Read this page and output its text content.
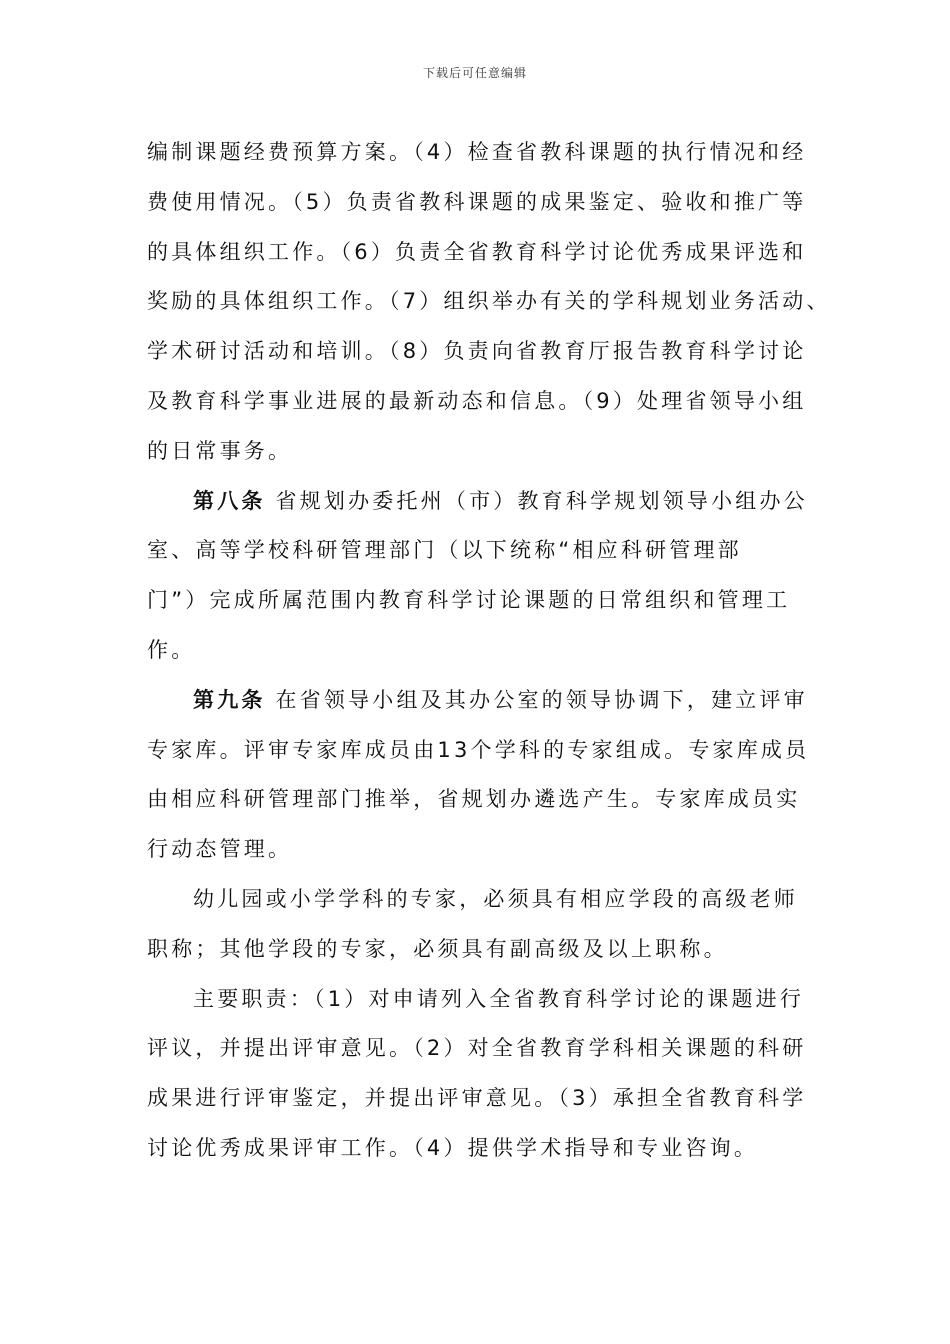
下载后可任意编辑
编制课题经费预算方案。（4）检查省教科课题的执行情况和经
费使用情况。（5）负责省教科课题的成果鉴定、验收和推广等
的具体组织工作。（6）负责全省教育科学讨论优秀成果评选和
奖励的具体组织工作。（7）组织举办有关的学科规划业务活动、
学术研讨活动和培训。（8）负责向省教育厅报告教育科学讨论
及教育科学事业进展的最新动态和信息。（9）处理省领导小组
的日常事务。
第八条 省规划办委托州（市）教育科学规划领导小组办公
室、高等学校科研管理部门（以下统称“相应科研管理部
门”）完成所属范围内教育科学讨论课题的日常组织和管理工
作。
第九条 在省领导小组及其办公室的领导协调下，建立评审
专家库。评审专家库成员由13个学科的专家组成。专家库成员
由相应科研管理部门推举，省规划办遴选产生。专家库成员实
行动态管理。
幼儿园或小学学科的专家，必须具有相应学段的高级老师
职称；其他学段的专家，必须具有副高级及以上职称。
主要职责：（1）对申请列入全省教育科学讨论的课题进行
评议，并提出评审意见。（2）对全省教育学科相关课题的科研
成果进行评审鉴定，并提出评审意见。（3）承担全省教育科学
讨论优秀成果评审工作。（4）提供学术指导和专业咨询。
